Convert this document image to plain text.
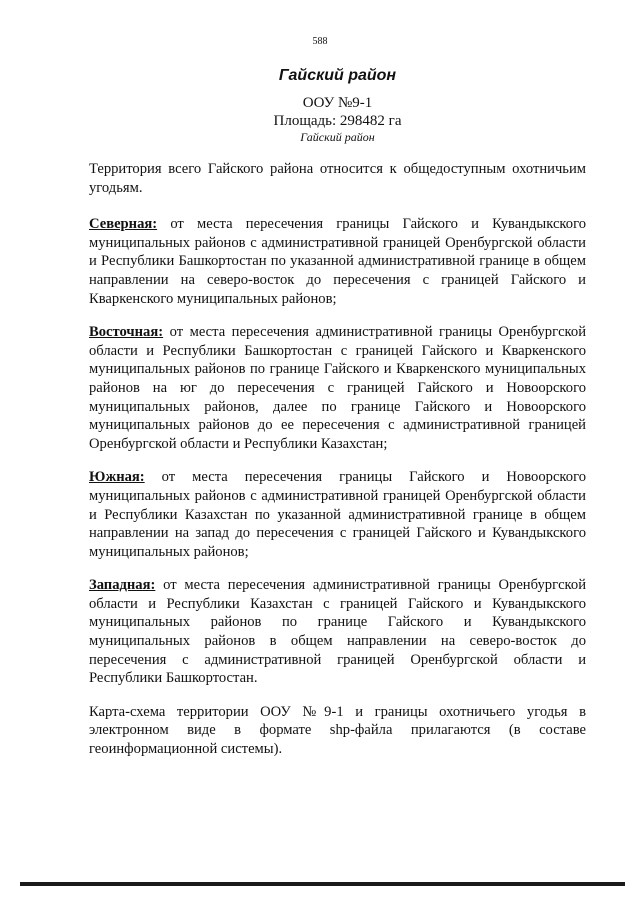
588
Гайский район
ООУ №9-1
Площадь: 298482 га
Гайский район

Территория всего Гайского района относится к общедоступным охотничьим угодьям.

Северная: от места пересечения границы Гайского и Кувандыкского муниципальных районов с административной границей Оренбургской области и Республики Башкортостан по указанной административной границе в общем направлении на северо-восток до пересечения с границей Гайского и Кваркенского муниципальных районов;

Восточная: от места пересечения административной границы Оренбургской области и Республики Башкортостан с границей Гайского и Кваркенского муниципальных районов по границе Гайского и Кваркенского муниципальных районов на юг до пересечения с границей Гайского и Новоорского муниципальных районов, далее по границе Гайского и Новоорского муниципальных районов до ее пересечения с административной границей Оренбургской области и Республики Казахстан;

Южная: от места пересечения границы Гайского и Новоорского муниципальных районов с административной границей Оренбургской области и Республики Казахстан по указанной административной границе в общем направлении на запад до пересечения с границей Гайского и Кувандыкского муниципальных районов;

Западная: от места пересечения административной границы Оренбургской области и Республики Казахстан с границей Гайского и Кувандыкского муниципальных районов по границе Гайского и Кувандыкского муниципальных районов в общем направлении на северо-восток до пересечения с административной границей Оренбургской области и Республики Башкортостан.

Карта-схема территории ООУ №9-1 и границы охотничьего угодья в электронном виде в формате shp-файла прилагаются (в составе геоинформационной системы).
